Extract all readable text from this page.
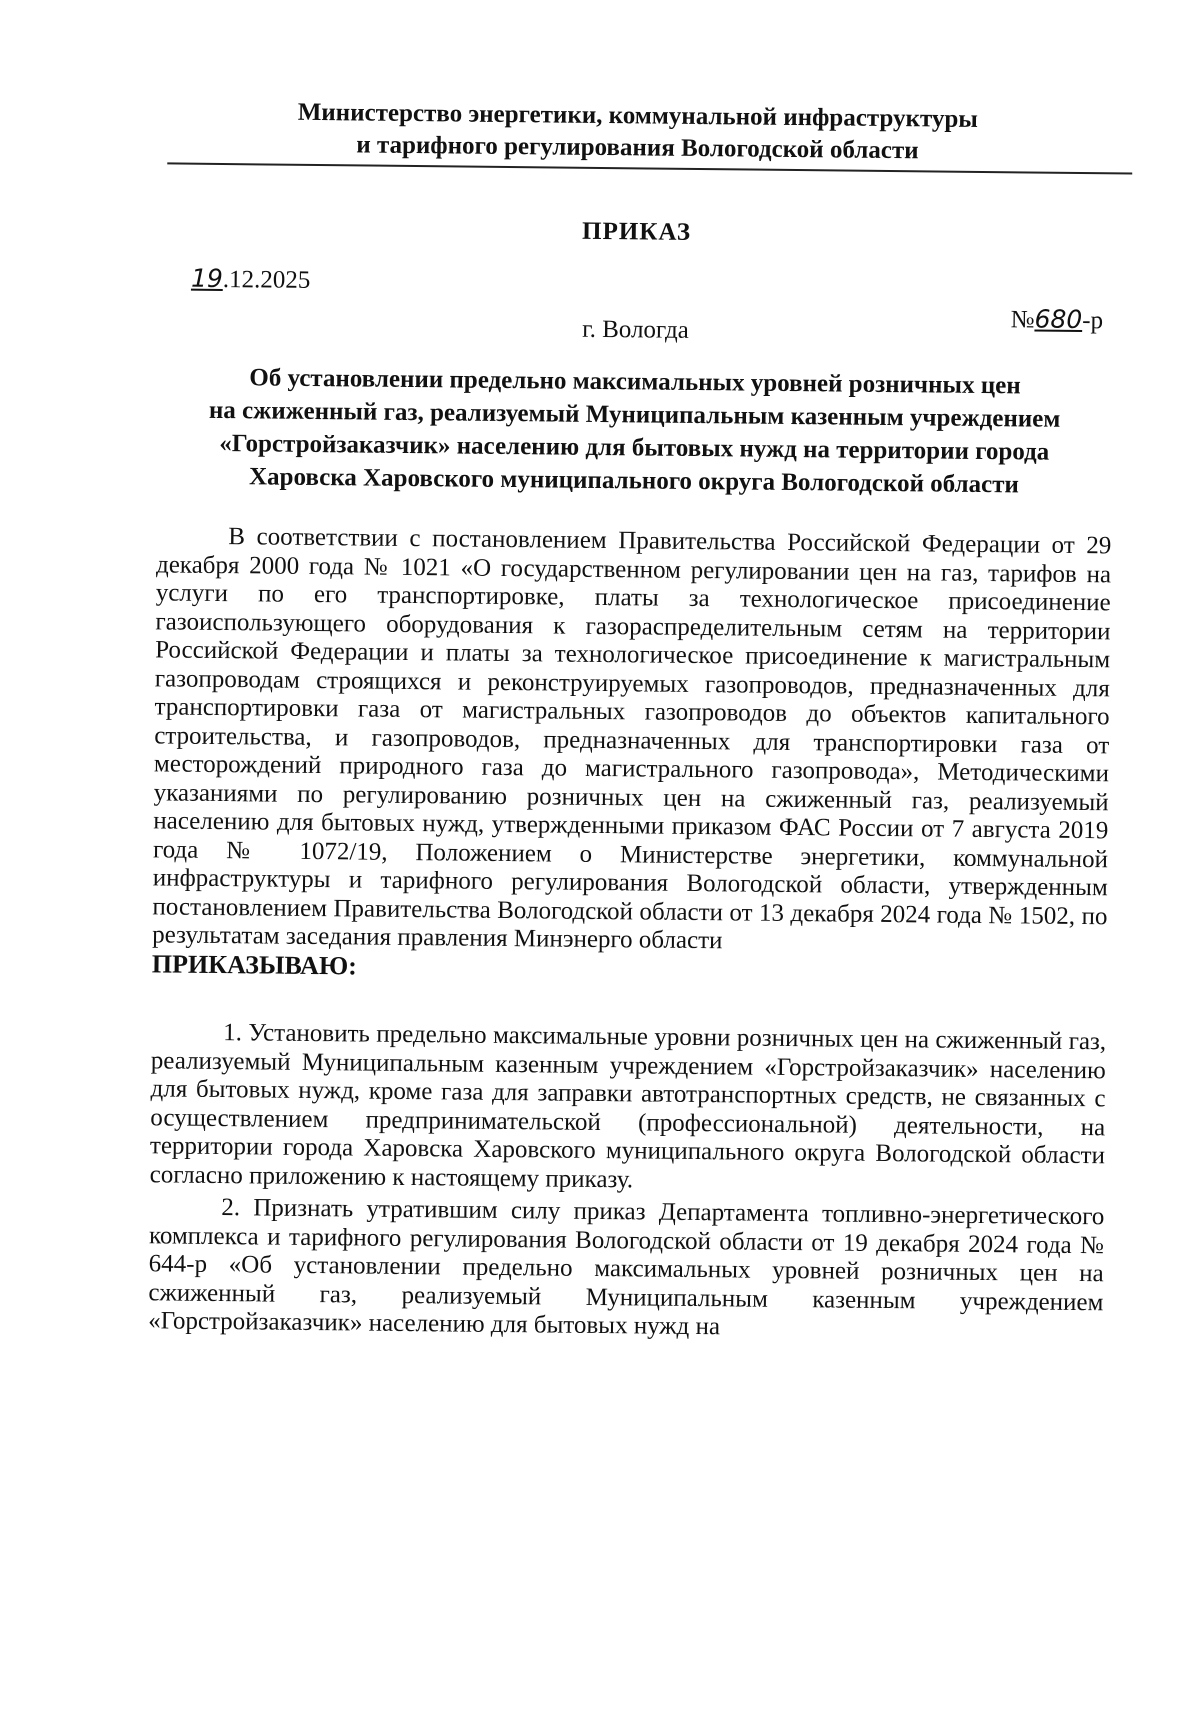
Министерство энергетики, коммунальной инфраструктуры
и тарифного регулирования Вологодской области
ПРИКАЗ
19.12.2025
№680-р
г. Вологда
Об установлении предельно максимальных уровней розничных цен
на сжиженный газ, реализуемый Муниципальным казенным учреждением
«Горстройзаказчик» населению для бытовых нужд на территории города
Харовска Харовского муниципального округа Вологодской области

В соответствии с постановлением Правительства Российской Федерации от 29 декабря 2000 года № 1021 «О государственном регулировании цен на газ, тарифов на услуги по его транспортировке, платы за технологическое присоединение газоиспользующего оборудования к газораспределительным сетям на территории Российской Федерации и платы за технологическое присоединение к магистральным газопроводам строящихся и реконструируемых газопроводов, предназначенных для транспортировки газа от магистральных газопроводов до объектов капитального строительства, и газопроводов, предназначенных для транспортировки газа от месторождений природного газа до магистрального газопровода», Методическими указаниями по регулированию розничных цен на сжиженный газ, реализуемый населению для бытовых нужд, утвержденными приказом ФАС России от 7 августа 2019 года № 1072/19, Положением о Министерстве энергетики, коммунальной инфраструктуры и тарифного регулирования Вологодской области, утвержденным постановлением Правительства Вологодской области от 13 декабря 2024 года № 1502, по результатам заседания правления Минэнерго области

ПРИКАЗЫВАЮ:

1. Установить предельно максимальные уровни розничных цен на сжиженный газ, реализуемый Муниципальным казенным учреждением «Горстройзаказчик» населению для бытовых нужд, кроме газа для заправки автотранспортных средств, не связанных с осуществлением предпринимательской (профессиональной) деятельности, на территории города Харовска Харовского муниципального округа Вологодской области согласно приложению к настоящему приказу.

2. Признать утратившим силу приказ Департамента топливно-энергетического комплекса и тарифного регулирования Вологодской области от 19 декабря 2024 года № 644-р «Об установлении предельно максимальных уровней розничных цен на сжиженный газ, реализуемый Муниципальным казенным учреждением «Горстройзаказчик» населению для бытовых нужд на
